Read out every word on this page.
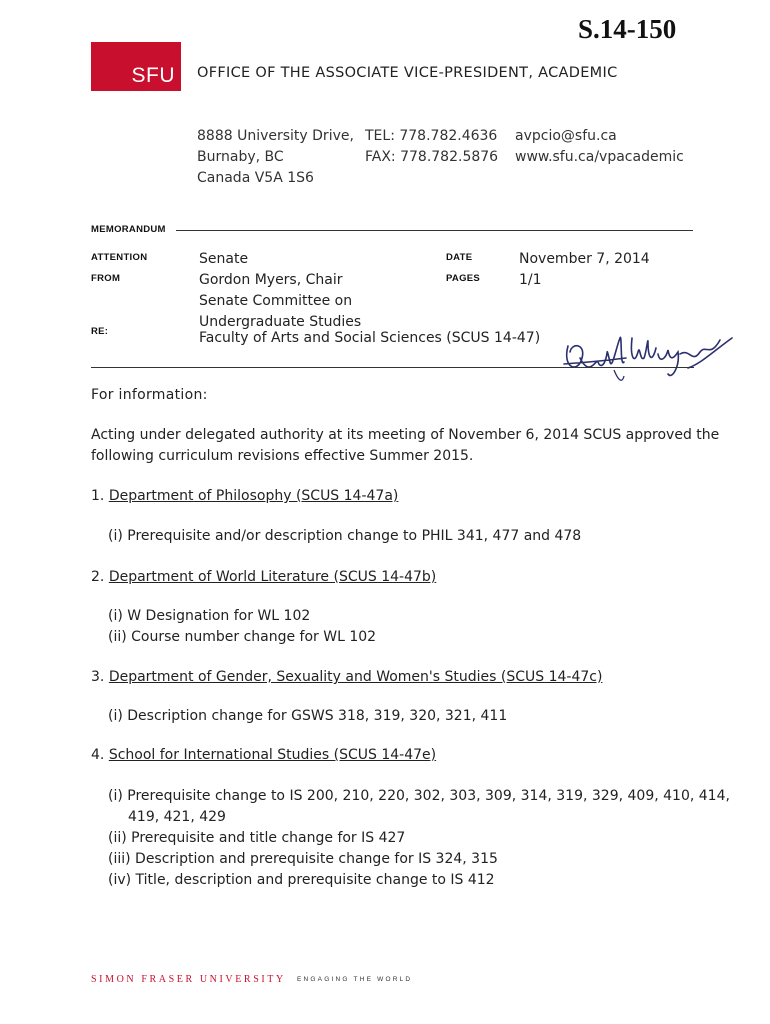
S.14-150
SFU OFFICE OF THE ASSOCIATE VICE-PRESIDENT, ACADEMIC
8888 University Drive,
Burnaby, BC
Canada V5A 1S6
TEL: 778.782.4636
FAX: 778.782.5876
avpcio@sfu.ca
www.sfu.ca/vpacademic
MEMORANDUM
ATTENTION
FROM
RE:
Senate
Gordon Myers, Chair
Senate Committee on
Undergraduate Studies
Faculty of Arts and Social Sciences (SCUS 14-47)
DATE
PAGES
November 7, 2014
1/1
For information:
Acting under delegated authority at its meeting of November 6, 2014 SCUS approved the
following curriculum revisions effective Summer 2015.
1. Department of Philosophy (SCUS 14-47a)
(i) Prerequisite and/or description change to PHIL 341, 477 and 478
2. Department of World Literature (SCUS 14-47b)
(i) W Designation for WL 102
(ii) Course number change for WL 102
3. Department of Gender, Sexuality and Women's Studies (SCUS 14-47c)
(i) Description change for GSWS 318, 319, 320, 321, 411
4. School for International Studies (SCUS 14-47e)
(i) Prerequisite change to IS 200, 210, 220, 302, 303, 309, 314, 319, 329, 409, 410, 414,
419, 421, 429
(ii) Prerequisite and title change for IS 427
(iii) Description and prerequisite change for IS 324, 315
(iv) Title, description and prerequisite change to IS 412
SIMON FRASER UNIVERSITY ENGAGING THE WORLD
